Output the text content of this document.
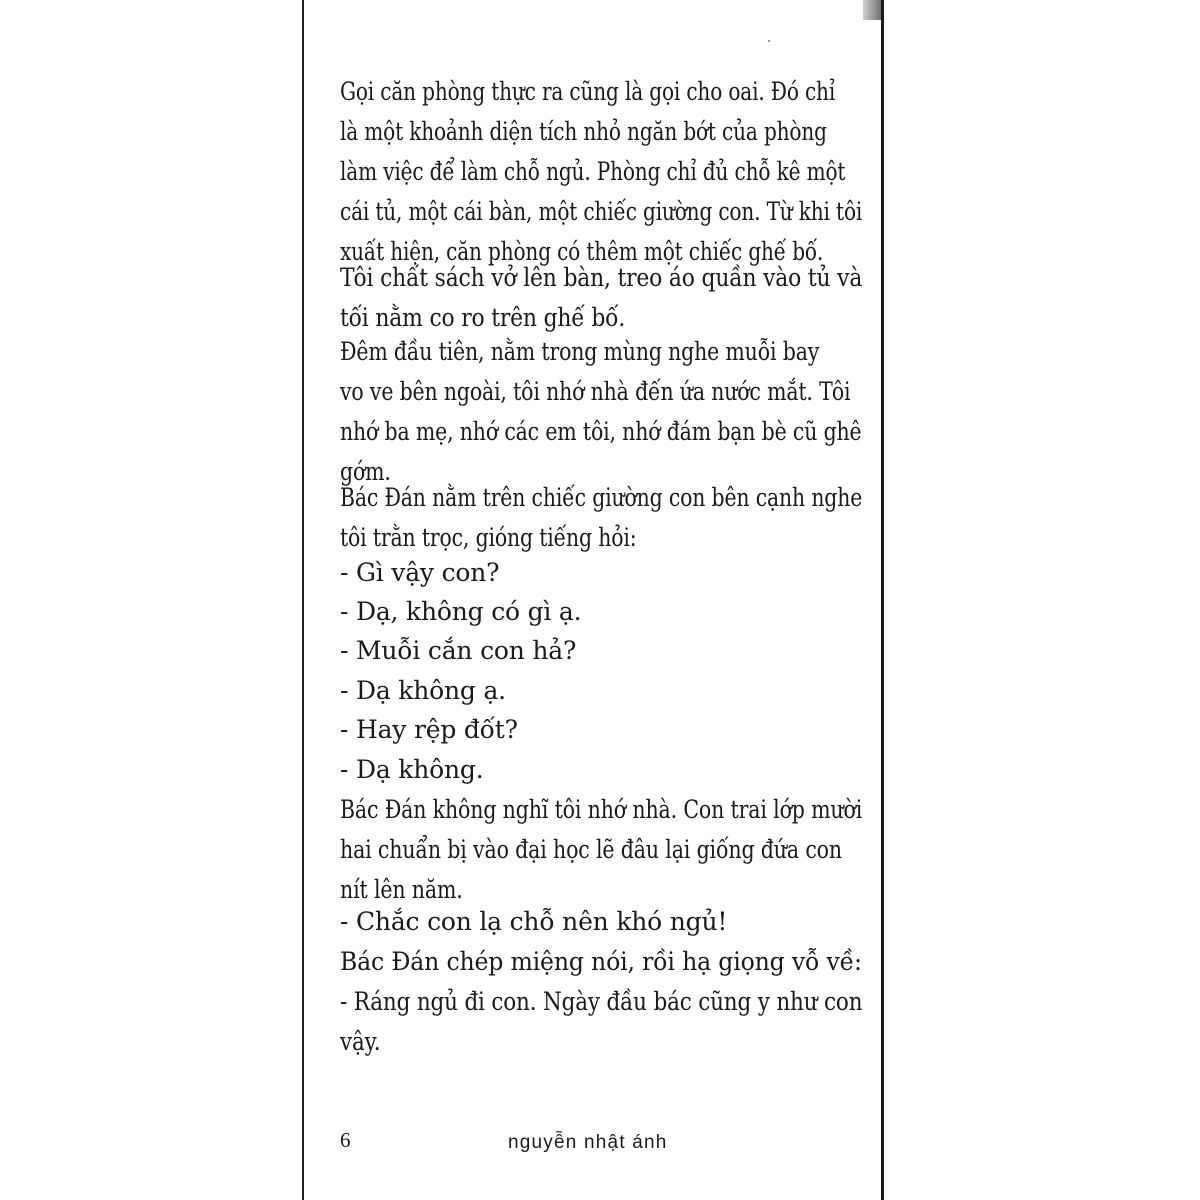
Gọi căn phòng thực ra cũng là gọi cho oai. Đó chỉ
là một khoảnh diện tích nhỏ ngăn bớt của phòng
làm việc để làm chỗ ngủ. Phòng chỉ đủ chỗ kê một
cái tủ, một cái bàn, một chiếc giường con. Từ khi tôi
xuất hiện, căn phòng có thêm một chiếc ghế bố.

Tôi chất sách vở lên bàn, treo áo quần vào tủ và
tối nằm co ro trên ghế bố.

Đêm đầu tiên, nằm trong mùng nghe muỗi bay
vo ve bên ngoài, tôi nhớ nhà đến ứa nước mắt. Tôi
nhớ ba mẹ, nhớ các em tôi, nhớ đám bạn bè cũ ghê
gớm.

Bác Đán nằm trên chiếc giường con bên cạnh nghe
tôi trằn trọc, gióng tiếng hỏi:

- Gì vậy con?

- Dạ, không có gì ạ.

- Muỗi cắn con hả?

- Dạ không ạ.

- Hay rệp đốt?

- Dạ không.

Bác Đán không nghĩ tôi nhớ nhà. Con trai lớp mười
hai chuẩn bị vào đại học lẽ đâu lại giống đứa con
nít lên năm.

- Chắc con lạ chỗ nên khó ngủ!

Bác Đán chép miệng nói, rồi hạ giọng vỗ về:

- Ráng ngủ đi con. Ngày đầu bác cũng y như con
vậy.

6	nguyễn nhật ánh
